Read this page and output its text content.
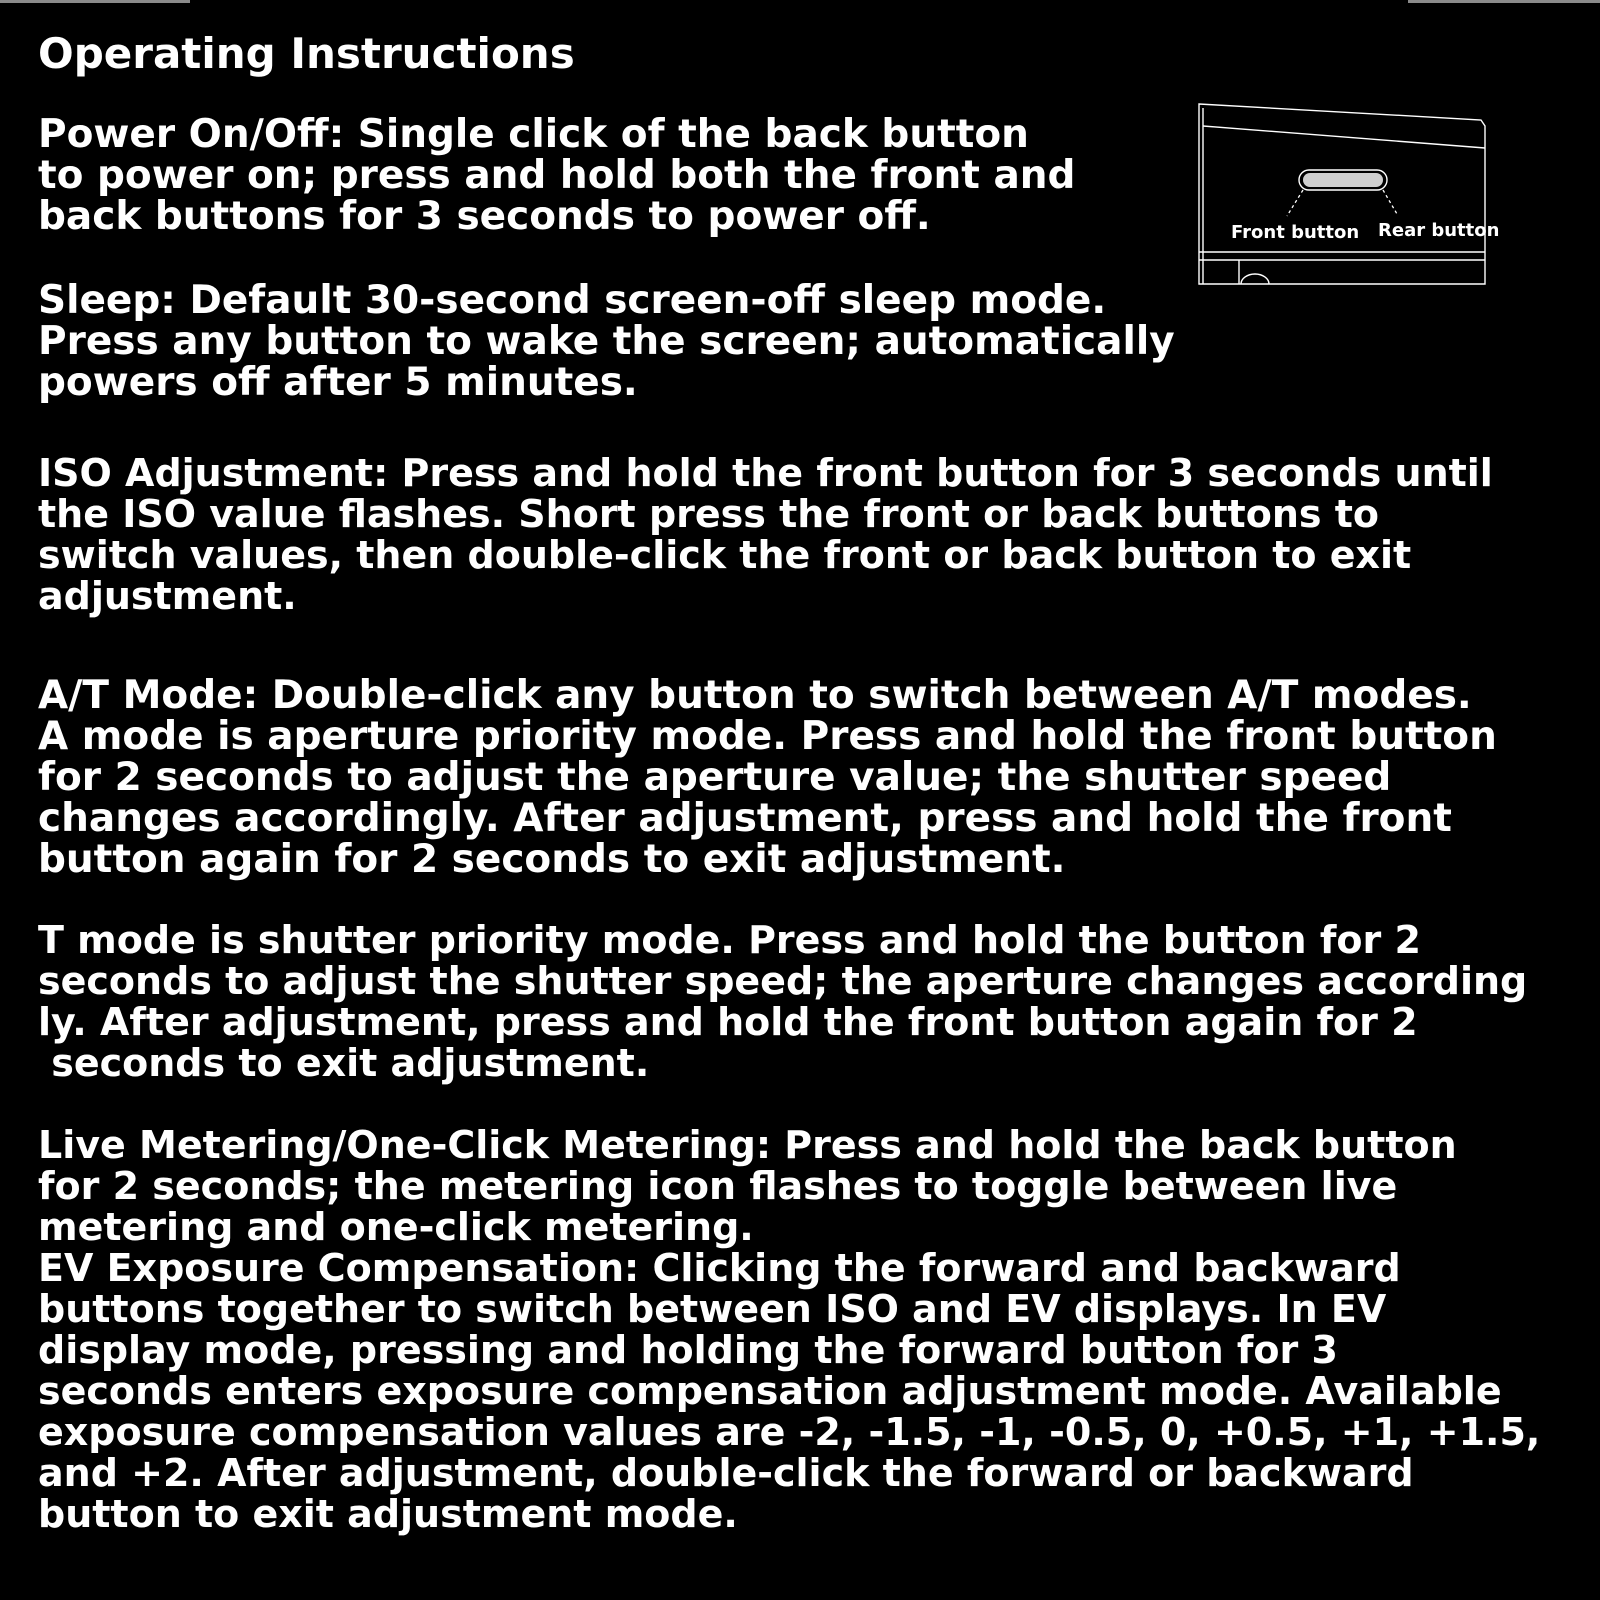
Operating Instructions

Power On/Off: Single click of the back button
to power on; press and hold both the front and
back buttons for 3 seconds to power off.

Sleep: Default 30-second screen-off sleep mode.
Press any button to wake the screen; automatically
powers off after 5 minutes.

ISO Adjustment: Press and hold the front button for 3 seconds until
the ISO value flashes. Short press the front or back buttons to
switch values, then double-click the front or back button to exit
adjustment.

A/T Mode: Double-click any button to switch between A/T modes.
A mode is aperture priority mode. Press and hold the front button
for 2 seconds to adjust the aperture value; the shutter speed
changes accordingly. After adjustment, press and hold the front
button again for 2 seconds to exit adjustment.

T mode is shutter priority mode. Press and hold the button for 2
seconds to adjust the shutter speed; the aperture changes according
ly. After adjustment, press and hold the front button again for 2
seconds to exit adjustment.

Live Metering/One-Click Metering: Press and hold the back button
for 2 seconds; the metering icon flashes to toggle between live
metering and one-click metering.
EV Exposure Compensation: Clicking the forward and backward
buttons together to switch between ISO and EV displays. In EV
display mode, pressing and holding the forward button for 3
seconds enters exposure compensation adjustment mode. Available
exposure compensation values are -2, -1.5, -1, -0.5, 0, +0.5, +1, +1.5,
and +2. After adjustment, double-click the forward or backward
button to exit adjustment mode.

Front button Rear button
